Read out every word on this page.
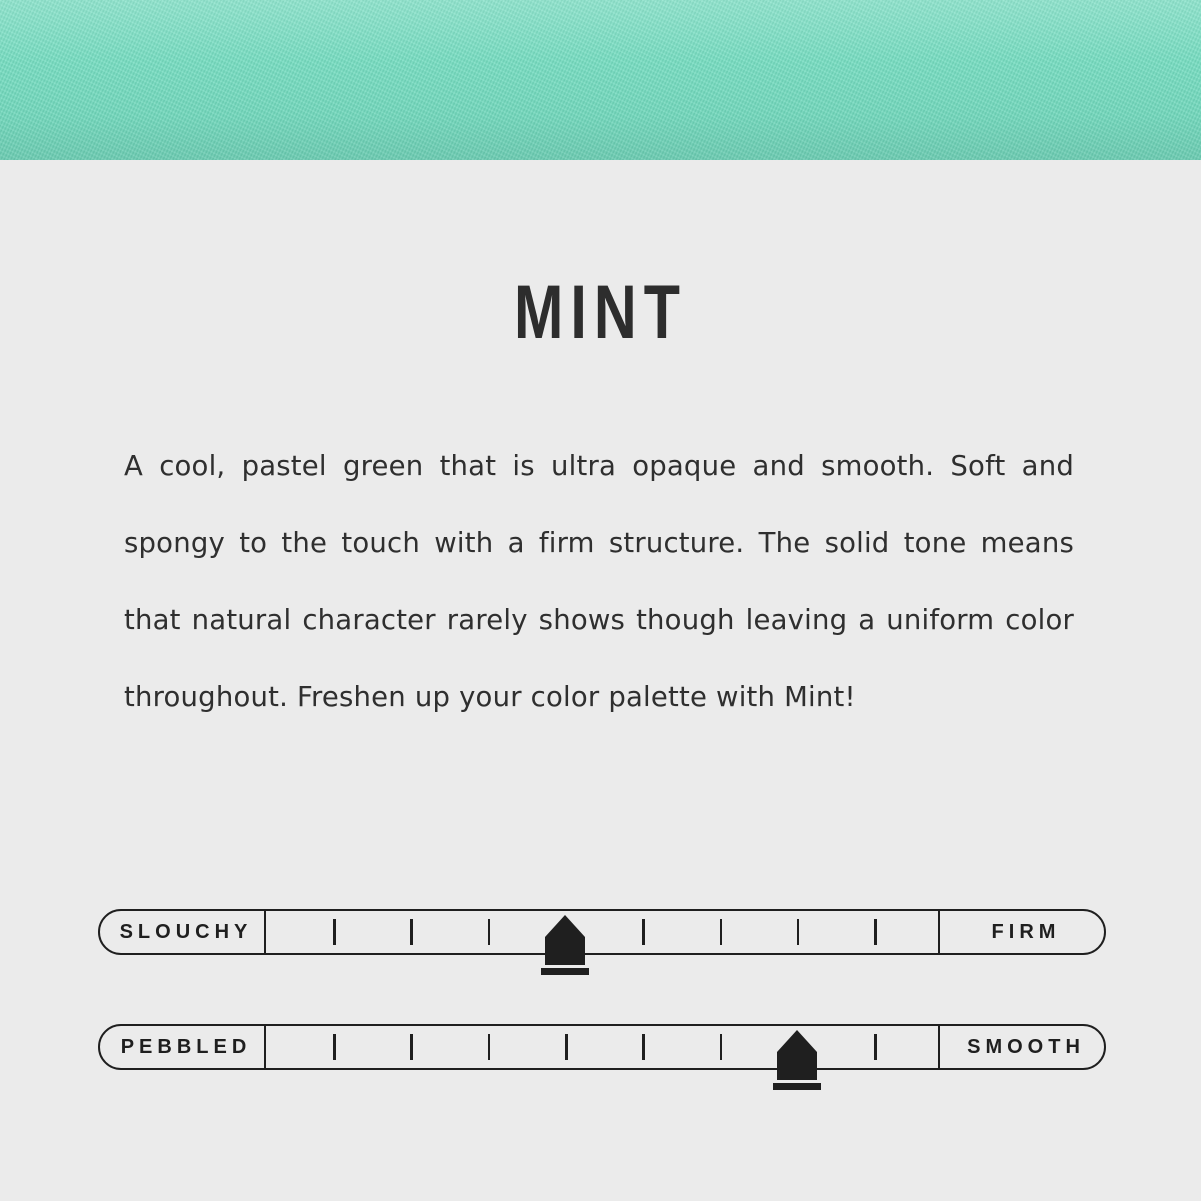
MINT
A cool, pastel green that is ultra opaque and smooth. Soft and spongy to the touch with a firm structure. The solid tone means that natural character rarely shows though leaving a uniform color throughout. Freshen up your color palette with Mint!
SLOUCHY	FIRM
PEBBLED	SMOOTH
